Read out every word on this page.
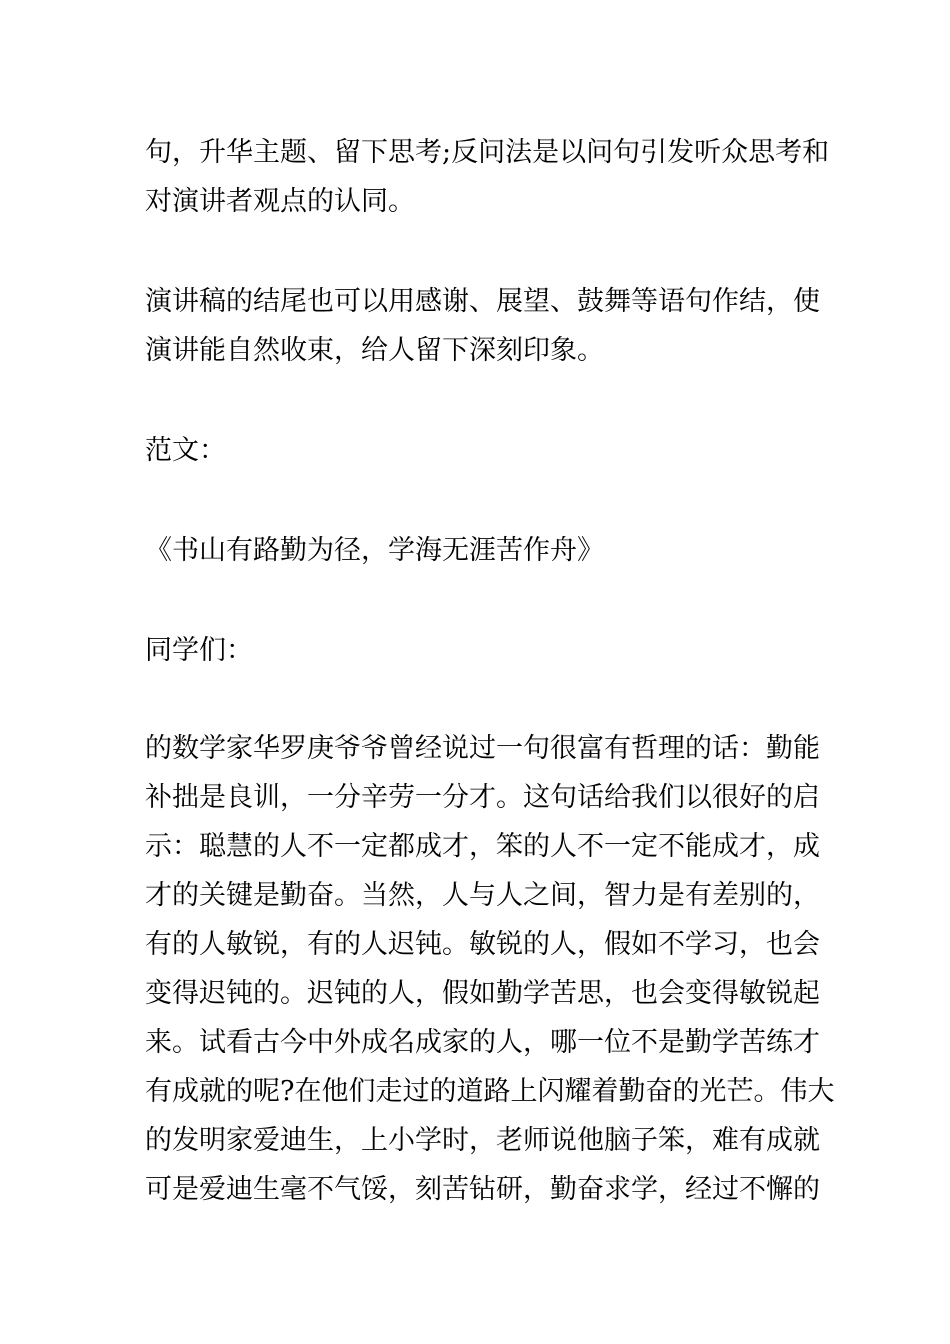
句，升华主题、留下思考;反问法是以问句引发听众思考和
对演讲者观点的认同。
演讲稿的结尾也可以用感谢、展望、鼓舞等语句作结，使
演讲能自然收束，给人留下深刻印象。
范文：
《书山有路勤为径，学海无涯苦作舟》
同学们：
的数学家华罗庚爷爷曾经说过一句很富有哲理的话：勤能
补拙是良训，一分辛劳一分才。这句话给我们以很好的启
示：聪慧的人不一定都成才，笨的人不一定不能成才，成
才的关键是勤奋。当然，人与人之间，智力是有差别的，
有的人敏锐，有的人迟钝。敏锐的人，假如不学习，也会
变得迟钝的。迟钝的人，假如勤学苦思，也会变得敏锐起
来。试看古今中外成名成家的人，哪一位不是勤学苦练才
有成就的呢?在他们走过的道路上闪耀着勤奋的光芒。伟大
的发明家爱迪生，上小学时，老师说他脑子笨，难有成就
可是爱迪生毫不气馁，刻苦钻研，勤奋求学，经过不懈的
